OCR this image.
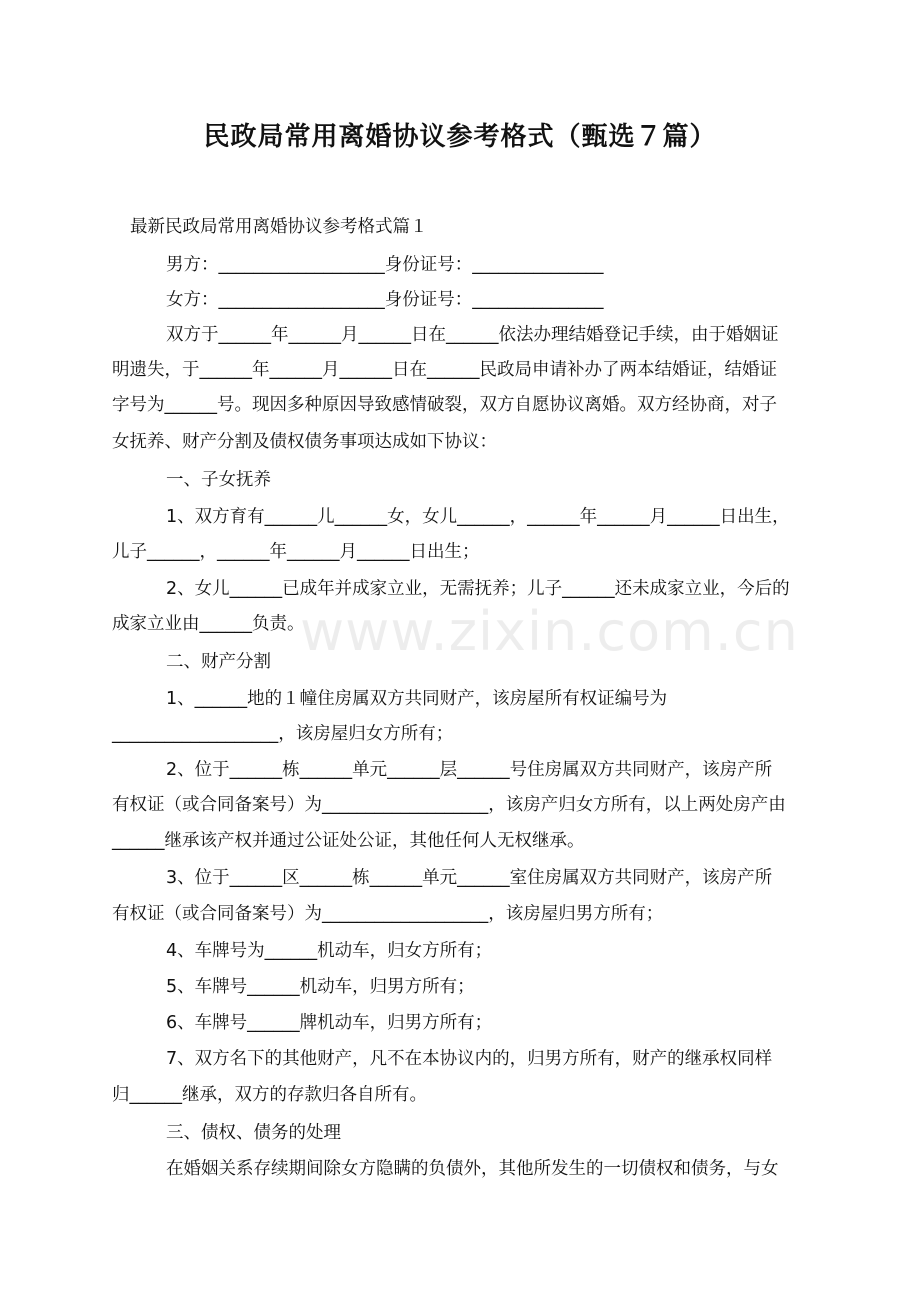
民政局常用离婚协议参考格式（甄选７篇）
www.zixin.com.cn
最新民政局常用离婚协议参考格式篇１
男方：___________________身份证号：_______________
女方：___________________身份证号：_______________
双方于______年______月______日在______依法办理结婚登记手续，由于婚姻证
明遗失，于______年______月______日在______民政局申请补办了两本结婚证，结婚证
字号为______号。现因多种原因导致感情破裂，双方自愿协议离婚。双方经协商，对子
女抚养、财产分割及债权债务事项达成如下协议：
一、子女抚养
1、双方育有______儿______女，女儿______，______年______月______日出生，
儿子______，______年______月______日出生；
2、女儿______已成年并成家立业，无需抚养；儿子______还未成家立业，今后的
成家立业由______负责。
二、财产分割
1、______地的１幢住房属双方共同财产，该房屋所有权证编号为
___________________，该房屋归女方所有；
2、位于______栋______单元______层______号住房属双方共同财产，该房产所
有权证（或合同备案号）为___________________，该房产归女方所有，以上两处房产由
______继承该产权并通过公证处公证，其他任何人无权继承。
3、位于______区______栋______单元______室住房属双方共同财产，该房产所
有权证（或合同备案号）为___________________，该房屋归男方所有；
4、车牌号为______机动车，归女方所有；
5、车牌号______机动车，归男方所有；
6、车牌号______牌机动车，归男方所有；
7、双方名下的其他财产，凡不在本协议内的，归男方所有，财产的继承权同样
归______继承，双方的存款归各自所有。
三、债权、债务的处理
在婚姻关系存续期间除女方隐瞒的负债外，其他所发生的一切债权和债务，与女
